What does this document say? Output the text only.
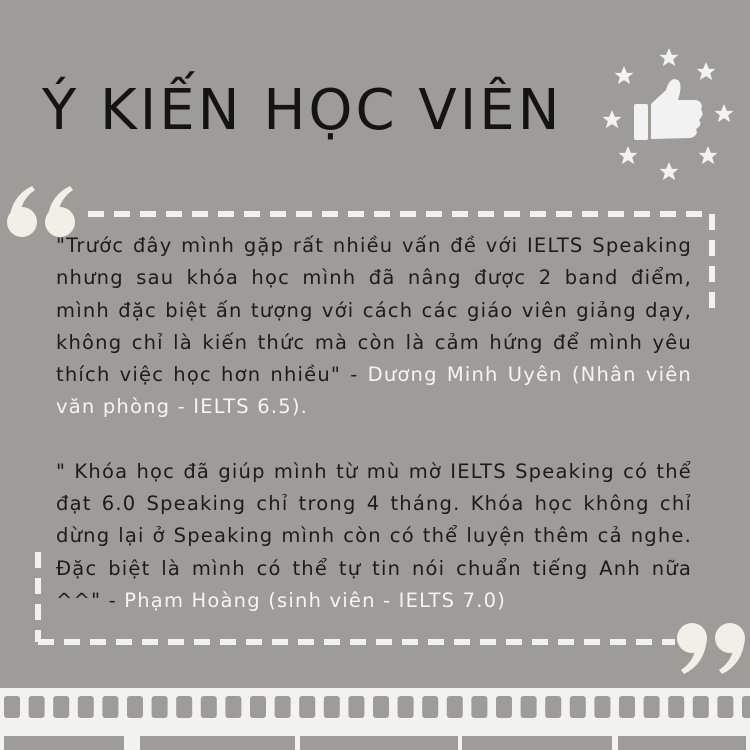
Ý KIẾN HỌC VIÊN

"Trước đây mình gặp rất nhiều vấn đề với IELTS Speaking nhưng sau khóa học mình đã nâng được 2 band điểm, mình đặc biệt ấn tượng với cách các giáo viên giảng dạy, không chỉ là kiến thức mà còn là cảm hứng để mình yêu thích việc học hơn nhiều" - Dương Minh Uyên (Nhân viên văn phòng - IELTS 6.5).

" Khóa học đã giúp mình từ mù mờ IELTS Speaking có thể đạt 6.0 Speaking chỉ trong 4 tháng. Khóa học không chỉ dừng lại ở Speaking mình còn có thể luyện thêm cả nghe. Đặc biệt là mình có thể tự tin nói chuẩn tiếng Anh nữa ^^" - Phạm Hoàng (sinh viên - IELTS 7.0)
